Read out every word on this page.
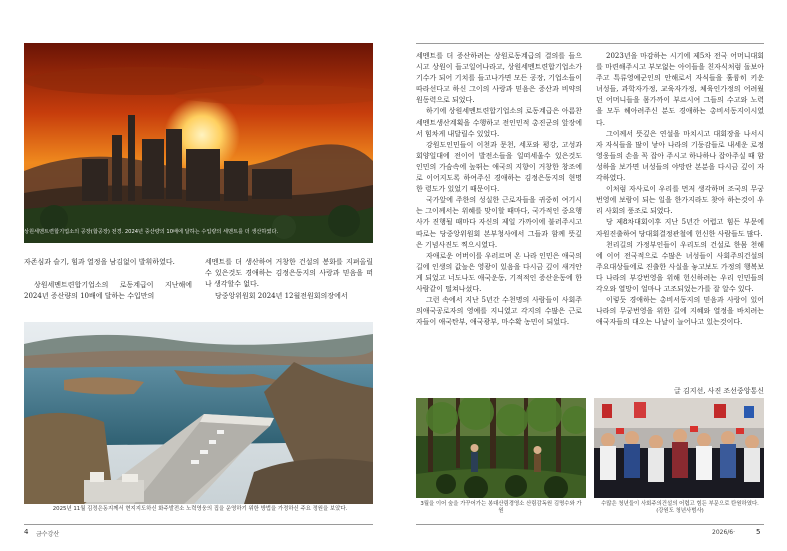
상원세멘트련합기업소의 공장(합공장) 전경. 2024년 중산량의 10배에 달하는 수입량의 세멘트를 더 생산하였다.

자존심과 슬기, 힘과 열정을 남김없이 발휘하였다.

상원세멘트련합기업소의 로동계급이 지난해에 2024년 증산량의 10배에 달하는 수입만의

세멘트를 더 생산하여 거창한 건설의 봉화를 지펴올릴수 있은것도 경애하는 김정은동지의 사랑과 믿음을 떠나 생각할수 없다.

당중앙위원회 2024년 12월전원회의장에서

2025년 11월 김정은동지께서 현지지도하신 화주발전소 노력영웅의 집을 운영하기 위한 방법을 가정하신 주요 정원을 보았다.
4 금수강산

세멘트를 더 증산하려는 상원로동계급의 결의를 들으시고 상원이 들고일어나라고, 상원세멘트련합기업소가 기수가 되어 기치를 들고나가면 모든 공장, 기업소들이 따라선다고 하신 그이의 사랑과 믿음은 증산과 비약의 원동력으로 되었다.

하기에 상원세멘트련합기업소의 로동계급은 아름찬 세멘트생산계획을 수행하고 전인민적 총진군의 앞장에서 힘차게 내달릴수 있었다.

강원도인민들이 이천과 문천, 세포와 평강, 고성과 회양일대에 전이어 발전소들을 일떠세울수 있은것도 인민의 가슴속에 높뛰는 애국의 지향이 거창한 창조에로 이어지도록 하여주신 경애하는 김정은동지의 현명한 령도가 있었기 때문이다.

국가앞에 주한의 성실한 근로자들을 귀중히 여기시는 그이께서는 위혜를 맞이할 때마다, 국가적인 중요행사가 진행될 때마다 자신의 제일 가까이에 불러주시고 따로는 당중앙위원회 본부청사에서 그들과 함께 뜻깊은 기념사진도 찍으시였다.

자애로운 어버이를 우러르며 온 나라 인민은 애국의 길에 인생의 값높은 영광이 있음을 다시금 깊이 새겨안게 되었고 너도나도 애국운동, 기적적인 증산운동에 한사람같이 떨쳐나섰다.

그런 속에서 지난 5년간 수천명의 사람들이 사회주의애국공로자의 영예를 지니였고 각지의 수많은 근로자들이 애국탄부, 애국광부, 마수확 농민이 되었다.

2023년을 마감하는 시기에 제5차 전국 어머니대회를 마련해주시고 부모없는 아이들을 친자식처럼 돌보아주고 특류영예군인의 안해로서 자식들을 훌륭히 키운 녀성들, 과학자가정, 교육자가정, 체육인가정의 어려웠던 어머니들을 몸가까이 부르시여 그들의 수고와 노력을 모두 헤아려주신 분도 경애하는 총비서동지이시였다.

그이께서 뜻깊은 연설을 마치시고 대회장을 나서시자 자식들을 많이 낳아 나라의 기둥감들로 내세운 로정영웅들의 손을 꼭 잡아 주시고 하나하나 잡아주실 때 함성하을 보가면 녀성들의 야망란 본분을 다시금 깊이 자각하였다.

이처럼 자사로이 우리를 먼저 생각하며 조국의 무궁번영에 보람이 되는 일을 한가지라도 찾아 하는것이 우리 사회의 풍조로 되였다.

당 제8차대회이후 지난 5년간 어렵고 힘든 부문에 자원진출하여 당대회결정관철에 헌신한 사람들도 많다.

천리길의 가정부인들이 우리도의 건설로 한몸 천해에 이어 전국적으로 수많은 녀성들이 사회주의건설의 주요대상들에로 진출한 사실을 놓고보도 가정의 행복보다 나라의 부강번영을 위해 헌신하려는 우리 인민들의 각오와 열망이 얼마나 고조되었는가를 잘 알수 있다.

이렇듯 경애하는 총비서동지의 믿음과 사랑이 있어 나라의 무궁번영을 위한 길에 지혜와 열정을 바치려는 애국자들의 대오는 나날이 늘어나고 있는것이다.

글 김지선, 사진 조선중앙통신
3월을 이어 숲을 가꾸어가는 봉대산림경영소 산림감독원 김명수와 가원
수많은 청년들이 사회주의건설의 어렵고 힘든 부문으로 탄원하였다. (강원도 청년사범사)
2026/6·	5
